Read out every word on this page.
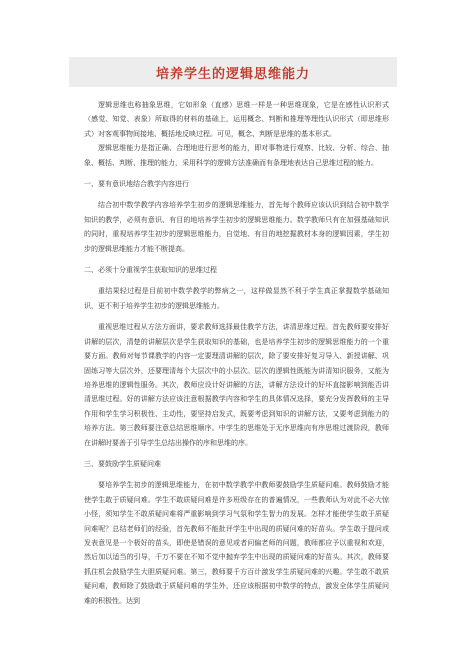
培养学生的逻辑思维能力

逻辑思维也称抽象思维，它如形象（直感）思维一样是一种思维现象，它是在感性认识形式（感觉、知觉、表象）所取得的材料的基础上，运用概念、判断和推理等理性认识形式（即思维形式）对客观事物间接地、概括地反映过程。可见，概念、判断是思维的基本形式。

逻辑思维能力是指正确、合理地进行思考的能力，即对事物进行观察、比较、分析、综合、抽象、概括、判断、推理的能力，采用科学的逻辑方法准确而有条理地表达自己思维过程的能力。

一、要有意识地结合教学内容进行

结合初中数学教学内容培养学生初步的逻辑思维能力，首先每个教师应该认识到结合初中数学知识的教学，必须有意识、有目的地培养学生初步的逻辑思维能力。数学教师只有在加强基础知识的同时，重视培养学生初步的逻辑思维能力，自觉地、有目的地挖掘教材本身的逻辑因素，学生初步的逻辑思维能力才能不断提高。

二、必须十分重视学生获取知识的思维过程

重结果轻过程是目前初中数学教学的弊病之一，这样做显然不利于学生真正掌握数学基础知识，更不利于培养学生初步的逻辑思维能力。

重视思维过程从方法方面讲，要求教师选择最佳教学方法，讲清思维过程。首先教师要安排好讲解的层次，清楚的讲解层次是学生获取知识的基础，也是培养学生初步的逻辑思维能力的一个重要方面。教师对每节课教学的内容一定要理清讲解的层次，除了要安排好复习导入、新授讲解、巩固练习等大层次外，还要理清每个大层次中的小层次。层次的逻辑性既能为讲清知识服务，又能为培养思维的逻辑性服务。其次，教师应设计好讲解的方法，讲解方法设计的好坏直接影响到能否讲清思维过程。好的讲解方法应该注意根据教学内容和学生的具体情况选择，要充分发挥教师的主导作用和学生学习积极性、主动性，要坚持启发式，既要考虑到知识的讲解方法，又要考虑到能力的培养方法。第三教师要注意总结思维顺序。中学生的思维处于无序思维向有序思维过渡阶段，教师在讲解时要善于引导学生总结出操作的序和思维的序。

三、要鼓励学生质疑问难

要培养学生初步的逻辑思维能力，在初中数学教学中教师要鼓励学生质疑问难。教师鼓励才能使学生敢于质疑问难。学生不敢质疑问难是许多班级存在的普遍情况，一些教师认为对此不必大惊小怪，须知学生不敢质疑问难将严重影响到学习气氛和学生智力的发展。怎样才能使学生敢于质疑问难呢？总结老师们的经验，首先教师不能批评学生中出现的质疑问难的好苗头。学生敢于提问或发表意见是一个极好的苗头，即使是错误的意见或者问偏老师的问题，教师都应予以重视和欢迎，然后加以适当的引导，千万不要在不知不觉中抛弃学生中出现的质疑问难的好苗头。其次，教师要抓住机会鼓励学生大胆质疑问难。第三，教师要千方百计激发学生质疑问难的兴趣。学生敢不敢质疑问难，教师除了鼓励敢于质疑问难的学生外，还应该根据初中数学的特点，激发全体学生质疑问难的积极性。达到
